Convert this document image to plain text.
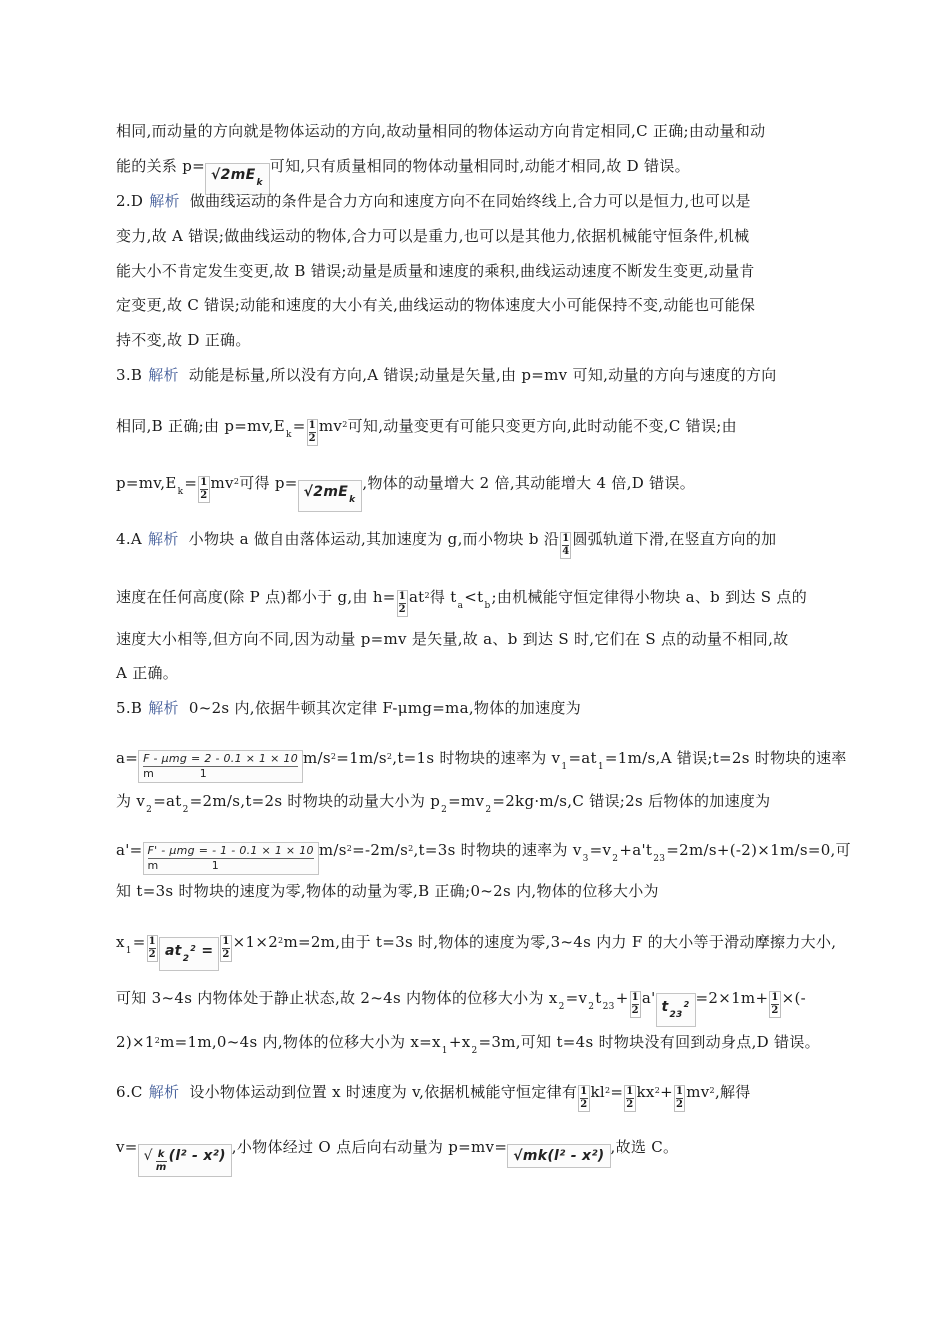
相同,而动量的方向就是物体运动的方向,故动量相同的物体运动方向肯定相同,C 正确;由动量和动
能的关系 $p= √2mE_k$可知,只有质量相同的物体动量相同时,动能才相同,故 D 错误。
2.D 解析 做曲线运动的条件是合力方向和速度方向不在同始终线上,合力可以是恒力,也可以是
变力,故 A 错误;做曲线运动的物体,合力可以是重力,也可以是其他力,依据机械能守恒条件,机械
能大小不肯定发生变更,故 B 错误;动量是质量和速度的乘积,曲线运动速度不断发生变更,动量肯
定变更,故 C 错误;动能和速度的大小有关,曲线运动的物体速度大小可能保持不变,动能也可能保
持不变,故 D 正确。
3.B 解析 动能是标量,所以没有方向,A 错误;动量是矢量,由 p=mv 可知,动量的方向与速度的方向
相同,B 正确;由 $p=mv,E_k= \frac{1}{2} mv^2$可知,动量变更有可能只变更方向,此时动能不变,C 错误;由
$p=mv,E_k= \frac{1}{2} mv^2$可得 $p= √2mE_k$,物体的动量增大 2 倍,其动能增大 4 倍,D 错误。
4.A 解析 小物块 a 做自由落体运动,其加速度为 g,而小物块 b 沿 $\frac{1}{4}$ 圆弧轨道下滑,在竖直方向的加
速度在任何高度(除 P 点)都小于 g,由 $h= \frac{1}{2} at^2$得 $t_a<t_b$;由机械能守恒定律得小物块 a、b 到达 S 点的
速度大小相等,但方向不同,因为动量 p=mv 是矢量,故 a、b 到达 S 时,它们在 S 点的动量不相同,故
A 正确。
5.B 解析 0~2s 内,依据牛顿其次定律 F-μmg=ma,物体的加速度为
a= F - μmg = 2 - 0.1 × 1 × 10
m	1
$m/s^2=1m/s^2,t=1s$ 时物块的速率为 $v_1=at_1=1m/s,A$ 错误;t=2s 时物块的速率
为 $v_2=at_2=2m/s,t=2s$ 时物块的动量大小为 $p_2=mv_2=2kg\cdot m/s,C$ 错误;2s 后物体的加速度为
a'= F' - μmg = - 1 - 0.1 × 1 × 10
m	1
$m/s^2=-2m/s^2,t=3s$ 时物块的速率为 $v_3=v_2+a't_{23}=2m/s+(-2)\times 1m/s=0$,可
知 t=3s 时物块的速度为零,物体的动量为零,B 正确;0~2s 内,物体的位移大小为
$x_1= \frac{1}{2} at_2^2 = \frac{1}{2} \times 1\times 2^2m=2m$,由于 t=3s 时,物体的速度为零,3~4s 内力 F 的大小等于滑动摩擦力大小,
可知 3~4s 内物体处于静止状态,故 2~4s 内物体的位移大小为 $x_2=v_2t_{23}+ \frac{1}{2} a'$ $t_{23}^2 =2\times 1m+ \frac{1}{2}$ ×(-
$2)\times 1^2m=1m,0\sim 4s$ 内,物体的位移大小为 $x=x_1+x_2=3m$,可知 t=4s 时物块没有回到动身点,D 错误。
6.C 解析 设小物体运动到位置 x 时速度为 v,依据机械能守恒定律有 $\frac{1}{2} kl^2= \frac{1}{2} kx^2+ \frac{1}{2} mv^2$,解得
v= √ $\frac{k}{m} (l^2 - x^2)$ ,小物体经过 O 点后向右动量为 p=mv= √mk(l² - x²) ,故选 C。
